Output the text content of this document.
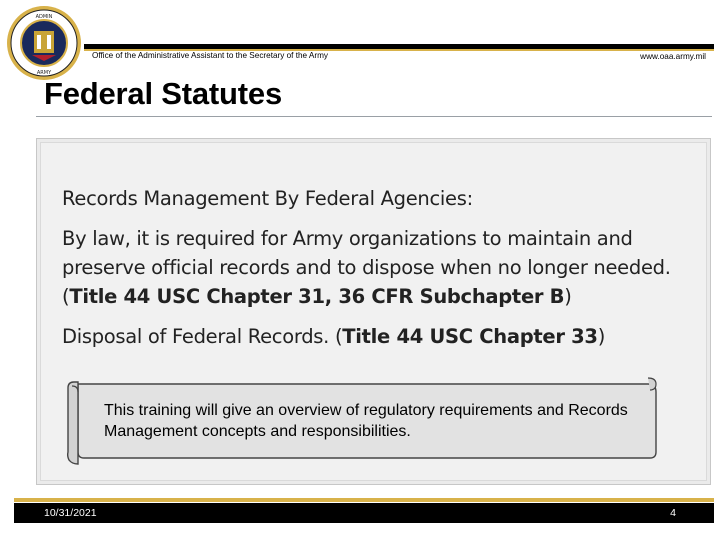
ADMIN
ARMY
Office of the Administrative Assistant to the Secretary of the Army	www.oaa.army.mil
Federal Statutes
Records Management By Federal Agencies:
By law, it is required for Army organizations to maintain and preserve official records and to dispose when no longer needed. (Title 44 USC Chapter 31, 36 CFR Subchapter B)
Disposal of Federal Records. (Title 44 USC Chapter 33)
This training will give an overview of regulatory requirements and Records Management concepts and responsibilities.
10/31/2021	4
